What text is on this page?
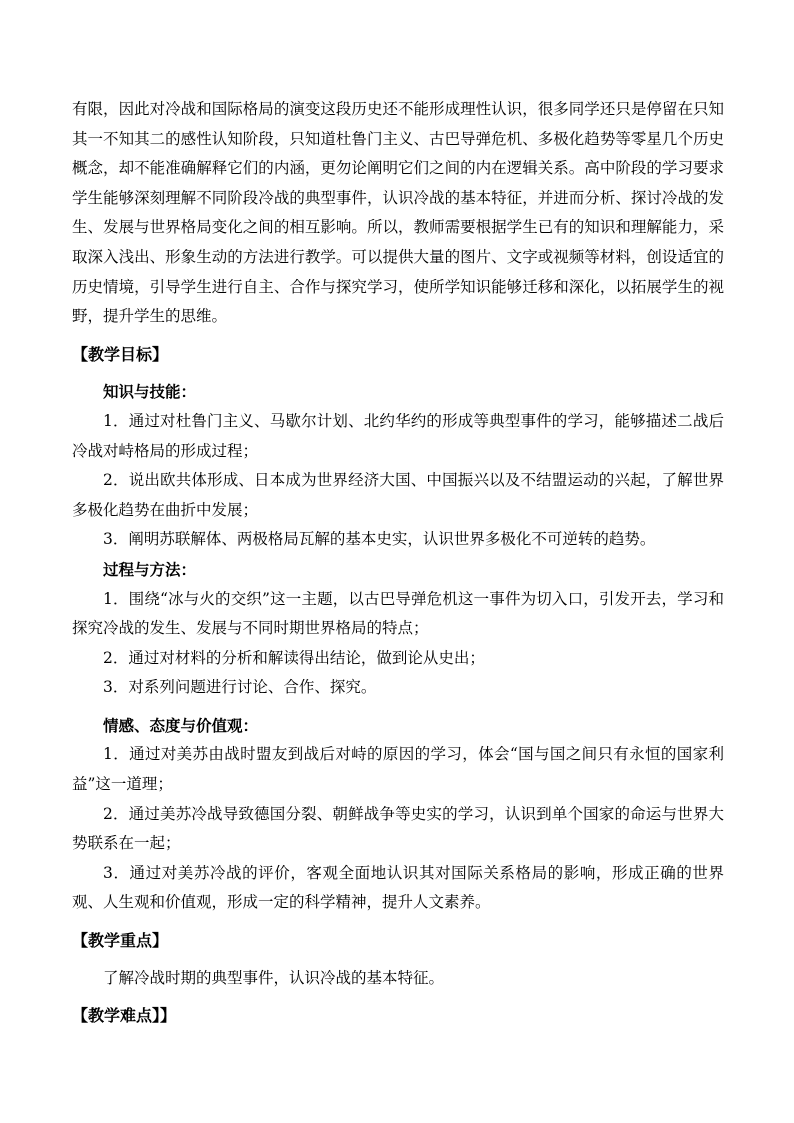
有限，因此对冷战和国际格局的演变这段历史还不能形成理性认识，很多同学还只是停留在只知其一不知其二的感性认知阶段，只知道杜鲁门主义、古巴导弹危机、多极化趋势等零星几个历史概念，却不能准确解释它们的内涵，更勿论阐明它们之间的内在逻辑关系。高中阶段的学习要求学生能够深刻理解不同阶段冷战的典型事件，认识冷战的基本特征，并进而分析、探讨冷战的发生、发展与世界格局变化之间的相互影响。所以，教师需要根据学生已有的知识和理解能力，采取深入浅出、形象生动的方法进行教学。可以提供大量的图片、文字或视频等材料，创设适宜的历史情境，引导学生进行自主、合作与探究学习，使所学知识能够迁移和深化，以拓展学生的视野，提升学生的思维。

【教学目标】

知识与技能：

1．通过对杜鲁门主义、马歇尔计划、北约华约的形成等典型事件的学习，能够描述二战后冷战对峙格局的形成过程；

2．说出欧共体形成、日本成为世界经济大国、中国振兴以及不结盟运动的兴起，了解世界多极化趋势在曲折中发展；

3．阐明苏联解体、两极格局瓦解的基本史实，认识世界多极化不可逆转的趋势。

过程与方法：

1．围绕“冰与火的交织”这一主题，以古巴导弹危机这一事件为切入口，引发开去，学习和探究冷战的发生、发展与不同时期世界格局的特点；

2．通过对材料的分析和解读得出结论，做到论从史出；

3．对系列问题进行讨论、合作、探究。

情感、态度与价值观：

1．通过对美苏由战时盟友到战后对峙的原因的学习，体会“国与国之间只有永恒的国家利益”这一道理；

2．通过美苏冷战导致德国分裂、朝鲜战争等史实的学习，认识到单个国家的命运与世界大势联系在一起；

3．通过对美苏冷战的评价，客观全面地认识其对国际关系格局的影响，形成正确的世界观、人生观和价值观，形成一定的科学精神，提升人文素养。

【教学重点】

了解冷战时期的典型事件，认识冷战的基本特征。

【教学难点】】
